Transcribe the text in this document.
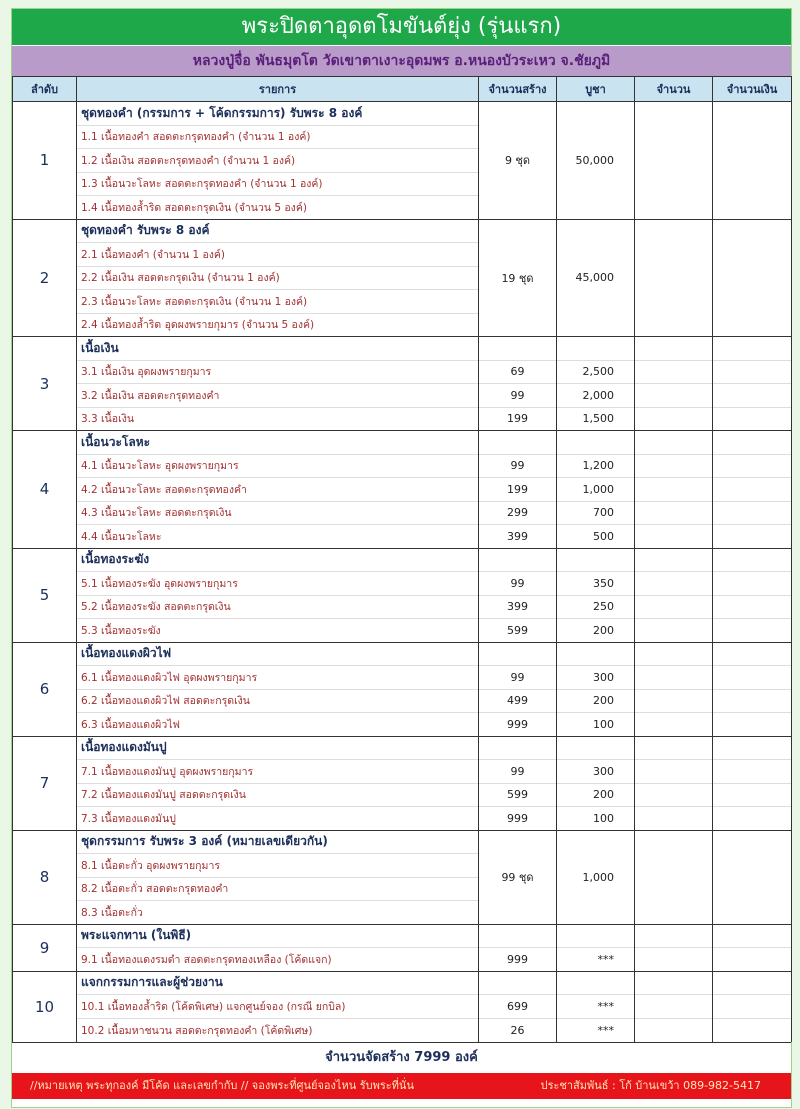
พระปิดตาอุดตโมขันต์ยุ่ง (รุ่นแรก)
หลวงปู่จื่อ พันธมุตโต วัดเขาตาเงาะอุดมพร อ.หนองบัวระเหว จ.ชัยภูมิ
ลำดับ	รายการ	จำนวนสร้าง	บูชา	จำนวน	จำนวนเงิน
1	ชุดทองคำ (กรรมการ + โค้ดกรรมการ) รับพระ 8 องค์	9 ชุด	50,000		
	1.1 เนื้อทองคำ สอดตะกรุดทองคำ (จำนวน 1 องค์)				
	1.2 เนื้อเงิน สอดตะกรุดทองคำ (จำนวน 1 องค์)				
	1.3 เนื้อนวะโลหะ สอดตะกรุดทองคำ (จำนวน 1 องค์)				
	1.4 เนื้อทองล้ำริด สอดตะกรุดเงิน (จำนวน 5 องค์)				
2	ชุดทองคำ รับพระ 8 องค์	19 ชุด	45,000		
	2.1 เนื้อทองคำ (จำนวน 1 องค์)				
	2.2 เนื้อเงิน สอดตะกรุดเงิน (จำนวน 1 องค์)				
	2.3 เนื้อนวะโลหะ สอดตะกรุดเงิน (จำนวน 1 องค์)				
	2.4 เนื้อทองล้ำริด อุดผงพรายกุมาร (จำนวน 5 องค์)				
3	เนื้อเงิน				
	3.1 เนื้อเงิน อุดผงพรายกุมาร	69	2,500		
	3.2 เนื้อเงิน สอดตะกรุดทองคำ	99	2,000		
	3.3 เนื้อเงิน	199	1,500		
4	เนื้อนวะโลหะ				
	4.1 เนื้อนวะโลหะ อุดผงพรายกุมาร	99	1,200		
	4.2 เนื้อนวะโลหะ สอดตะกรุดทองคำ	199	1,000		
	4.3 เนื้อนวะโลหะ สอดตะกรุดเงิน	299	700		
	4.4 เนื้อนวะโลหะ	399	500		
5	เนื้อทองระฆัง				
	5.1 เนื้อทองระฆัง อุดผงพรายกุมาร	99	350		
	5.2 เนื้อทองระฆัง สอดตะกรุดเงิน	399	250		
	5.3 เนื้อทองระฆัง	599	200		
6	เนื้อทองแดงผิวไฟ				
	6.1 เนื้อทองแดงผิวไฟ อุดผงพรายกุมาร	99	300		
	6.2 เนื้อทองแดงผิวไฟ สอดตะกรุดเงิน	499	200		
	6.3 เนื้อทองแดงผิวไฟ	999	100		
7	เนื้อทองแดงมันปู				
	7.1 เนื้อทองแดงมันปู อุดผงพรายกุมาร	99	300		
	7.2 เนื้อทองแดงมันปู สอดตะกรุดเงิน	599	200		
	7.3 เนื้อทองแดงมันปู	999	100		
8	ชุดกรรมการ รับพระ 3 องค์ (หมายเลขเดียวกัน)	99 ชุด	1,000		
	8.1 เนื้อตะกั่ว อุดผงพรายกุมาร				
	8.2 เนื้อตะกั่ว สอดตะกรุดทองคำ				
	8.3 เนื้อตะกั่ว				
9	พระแจกทาน (ในพิธี)				
	9.1 เนื้อทองแดงรมดำ สอดตะกรุดทองเหลือง (โค้ดแจก)	999	***		
10	แจกกรรมการและผู้ช่วยงาน				
	10.1 เนื้อทองล้ำริด (โค้ดพิเศษ) แจกศูนย์จอง (กรณี ยกบิล)	699	***		
	10.2 เนื้อมหาชนวน สอดตะกรุดทองคำ (โค้ดพิเศษ)	26	***		
จำนวนจัดสร้าง 7999 องค์
//หมายเหตุ พระทุกองค์ มีโค้ด และเลขกำกับ // จองพระที่ศูนย์จองไหน รับพระที่นั่น	ประชาสัมพันธ์ : โก้ บ้านเขว้า 089-982-5417
